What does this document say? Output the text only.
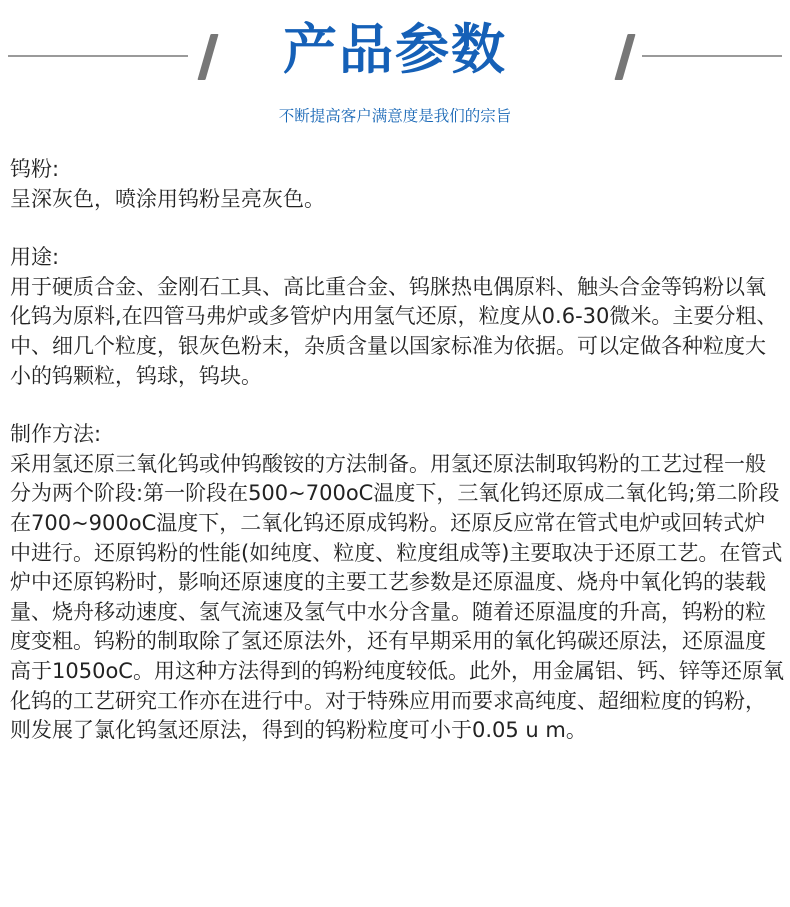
产品参数
不断提高客户满意度是我们的宗旨
钨粉:
呈深灰色，喷涂用钨粉呈亮灰色。
用途:
用于硬质合金、金刚石工具、高比重合金、钨脒热电偶原料、触头合金等钨粉以氧化钨为原料,在四管马弗炉或多管炉内用氢气还原，粒度从0.6-30微米。主要分粗、中、细几个粒度，银灰色粉末，杂质含量以国家标准为依据。可以定做各种粒度大小的钨颗粒，钨球，钨块。
制作方法:
采用氢还原三氧化钨或仲钨酸铵的方法制备。用氢还原法制取钨粉的工艺过程一般分为两个阶段:第一阶段在500~700oC温度下，三氧化钨还原成二氧化钨;第二阶段在700~900oC温度下，二氧化钨还原成钨粉。还原反应常在管式电炉或回转式炉中进行。还原钨粉的性能(如纯度、粒度、粒度组成等)主要取决于还原工艺。在管式炉中还原钨粉时，影响还原速度的主要工艺参数是还原温度、烧舟中氧化钨的装载量、烧舟移动速度、氢气流速及氢气中水分含量。随着还原温度的升高，钨粉的粒度变粗。钨粉的制取除了氢还原法外，还有早期采用的氧化钨碳还原法，还原温度高于1050oC。用这种方法得到的钨粉纯度较低。此外，用金属铝、钙、锌等还原氧化钨的工艺研究工作亦在进行中。对于特殊应用而要求高纯度、超细粒度的钨粉，则发展了氯化钨氢还原法，得到的钨粉粒度可小于0.05 u m。
